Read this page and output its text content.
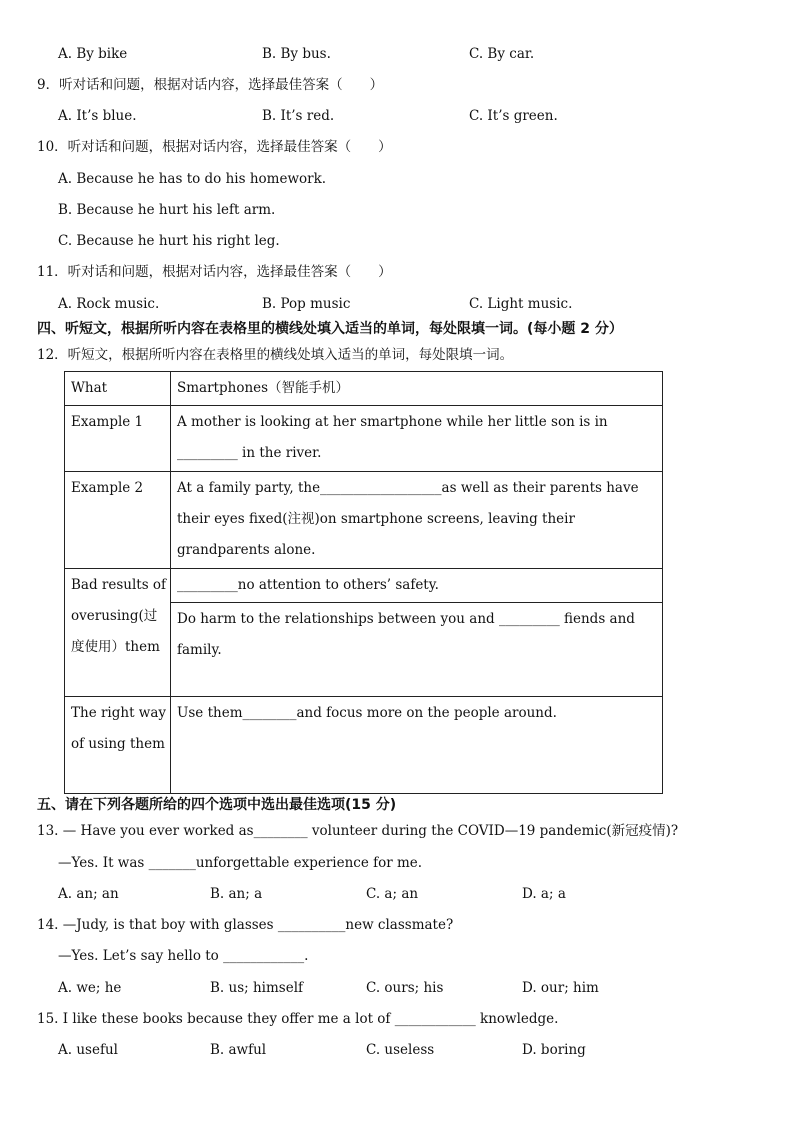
A. By bike	B. By bus.	C. By car.
9．听对话和问题，根据对话内容，选择最佳答案（　　）
A. It’s blue.	B. It’s red.	C. It’s green.
10．听对话和问题，根据对话内容，选择最佳答案（　　）
A. Because he has to do his homework.
B. Because he hurt his left arm.
C. Because he hurt his right leg.
11．听对话和问题，根据对话内容，选择最佳答案（　　）
A. Rock music.	B. Pop music	C. Light music.
四、听短文，根据所听内容在表格里的横线处填入适当的单词，每处限填一词。(每小题 2 分）
12．听短文，根据所听内容在表格里的横线处填入适当的单词，每处限填一词。
What	Smartphones（智能手机）
Example 1	A mother is looking at her smartphone while her little son is in _________ in the river.
Example 2	At a family party, the__________________as well as their parents have their eyes fixed(注视)on smartphone screens, leaving their grandparents alone.
Bad results of overusing(过度使用）them	_________no attention to others’ safety.
	Do harm to the relationships between you and _________ fiends and family.
The right way of using them	Use them________and focus more on the people around.
五、请在下列各题所给的四个选项中选出最佳选项(15 分)
13. — Have you ever worked as________ volunteer during the COVID—19 pandemic(新冠疫情)?
—Yes. It was _______unforgettable experience for me.
A. an; an	B. an; a	C. a; an	D. a; a
14. —Judy, is that boy with glasses __________new classmate?
—Yes. Let’s say hello to ____________.
A. we; he	B. us; himself	C. ours; his	D. our; him
15. I like these books because they offer me a lot of ____________ knowledge.
A. useful	B. awful	C. useless	D. boring
